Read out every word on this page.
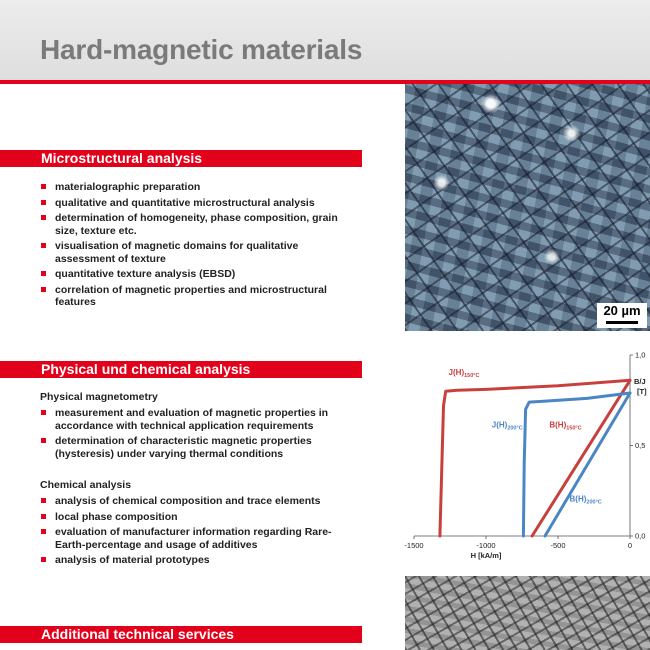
Hard-magnetic materials
Microstructural analysis
materialographic preparation
qualitative and quantitative microstructural analysis
determination of homogeneity, phase composition, grain size, texture etc.
visualisation of magnetic domains for qualitative assessment of texture
quantitative texture analysis (EBSD)
correlation of magnetic properties and microstructural features
Physical und chemical analysis
Physical magnetometry
measurement and evaluation of magnetic properties in accordance with technical application requirements
determination of characteristic magnetic properties (hysteresis) under varying thermal conditions
Chemical analysis
analysis of chemical composition and trace elements
local phase composition
evaluation of manufacturer information regarding Rare-Earth-percentage and usage of additives
analysis of material prototypes
Additional technical services
20 µm
-1500	-1000	-500	0
0,0
0,5
1,0
H [kA/m]
B/J
[T]
$J(H)_{150^\circ C}$
$J(H)_{200^\circ C}$	$B(H)_{150^\circ C}$
$B(H)_{200^\circ C}$
